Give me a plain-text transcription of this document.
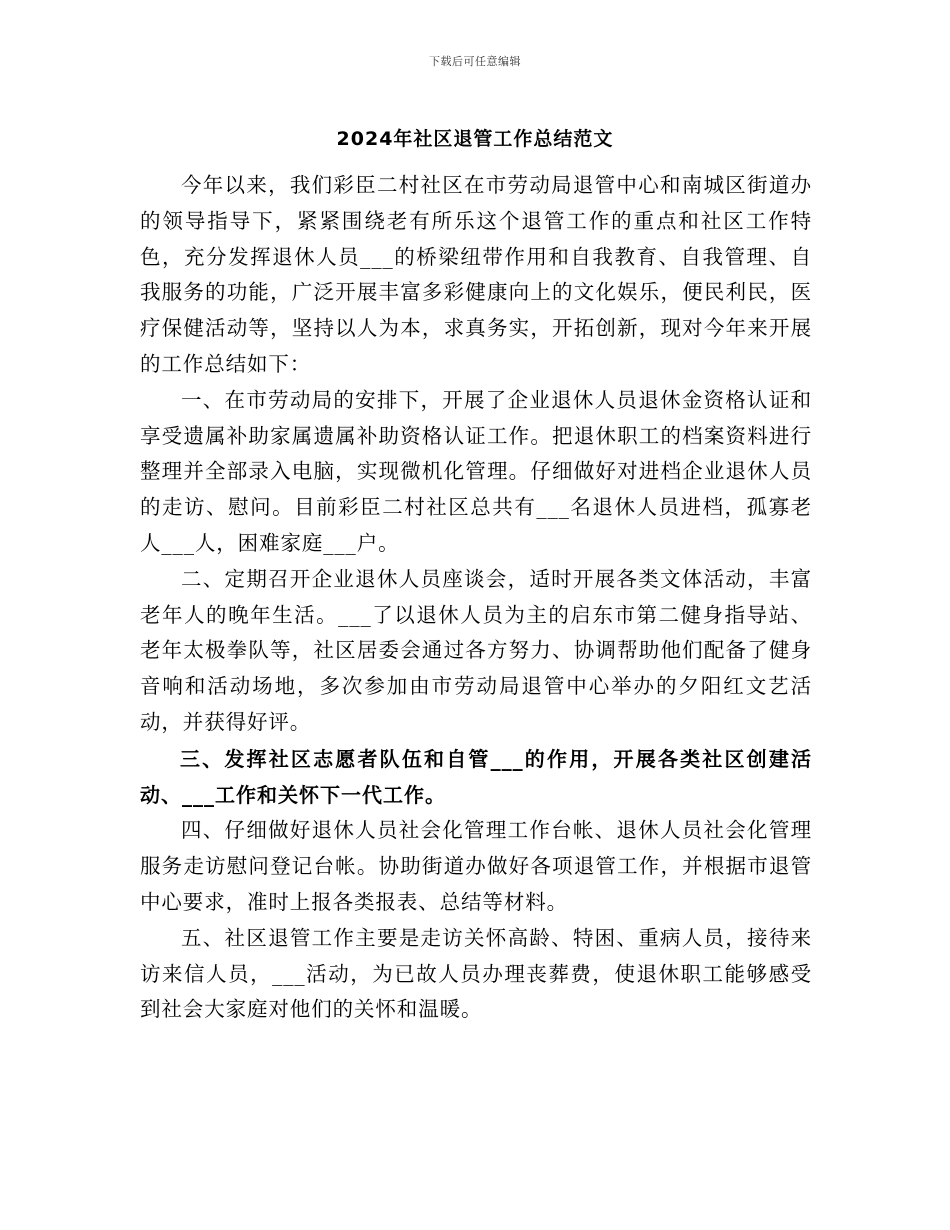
下载后可任意编辑
2024年社区退管工作总结范文

今年以来，我们彩臣二村社区在市劳动局退管中心和南城区街道办的领导指导下，紧紧围绕老有所乐这个退管工作的重点和社区工作特色，充分发挥退休人员___的桥梁纽带作用和自我教育、自我管理、自我服务的功能，广泛开展丰富多彩健康向上的文化娱乐，便民利民，医疗保健活动等，坚持以人为本，求真务实，开拓创新，现对今年来开展的工作总结如下：

一、在市劳动局的安排下，开展了企业退休人员退休金资格认证和享受遗属补助家属遗属补助资格认证工作。把退休职工的档案资料进行整理并全部录入电脑，实现微机化管理。仔细做好对进档企业退休人员的走访、慰问。目前彩臣二村社区总共有___名退休人员进档，孤寡老人___人，困难家庭___户。

二、定期召开企业退休人员座谈会，适时开展各类文体活动，丰富老年人的晚年生活。___了以退休人员为主的启东市第二健身指导站、老年太极拳队等，社区居委会通过各方努力、协调帮助他们配备了健身音响和活动场地，多次参加由市劳动局退管中心举办的夕阳红文艺活动，并获得好评。

三、发挥社区志愿者队伍和自管___的作用，开展各类社区创建活动、___工作和关怀下一代工作。

四、仔细做好退休人员社会化管理工作台帐、退休人员社会化管理服务走访慰问登记台帐。协助街道办做好各项退管工作，并根据市退管中心要求，准时上报各类报表、总结等材料。

五、社区退管工作主要是走访关怀高龄、特困、重病人员，接待来访来信人员，___活动，为已故人员办理丧葬费，使退休职工能够感受到社会大家庭对他们的关怀和温暖。
